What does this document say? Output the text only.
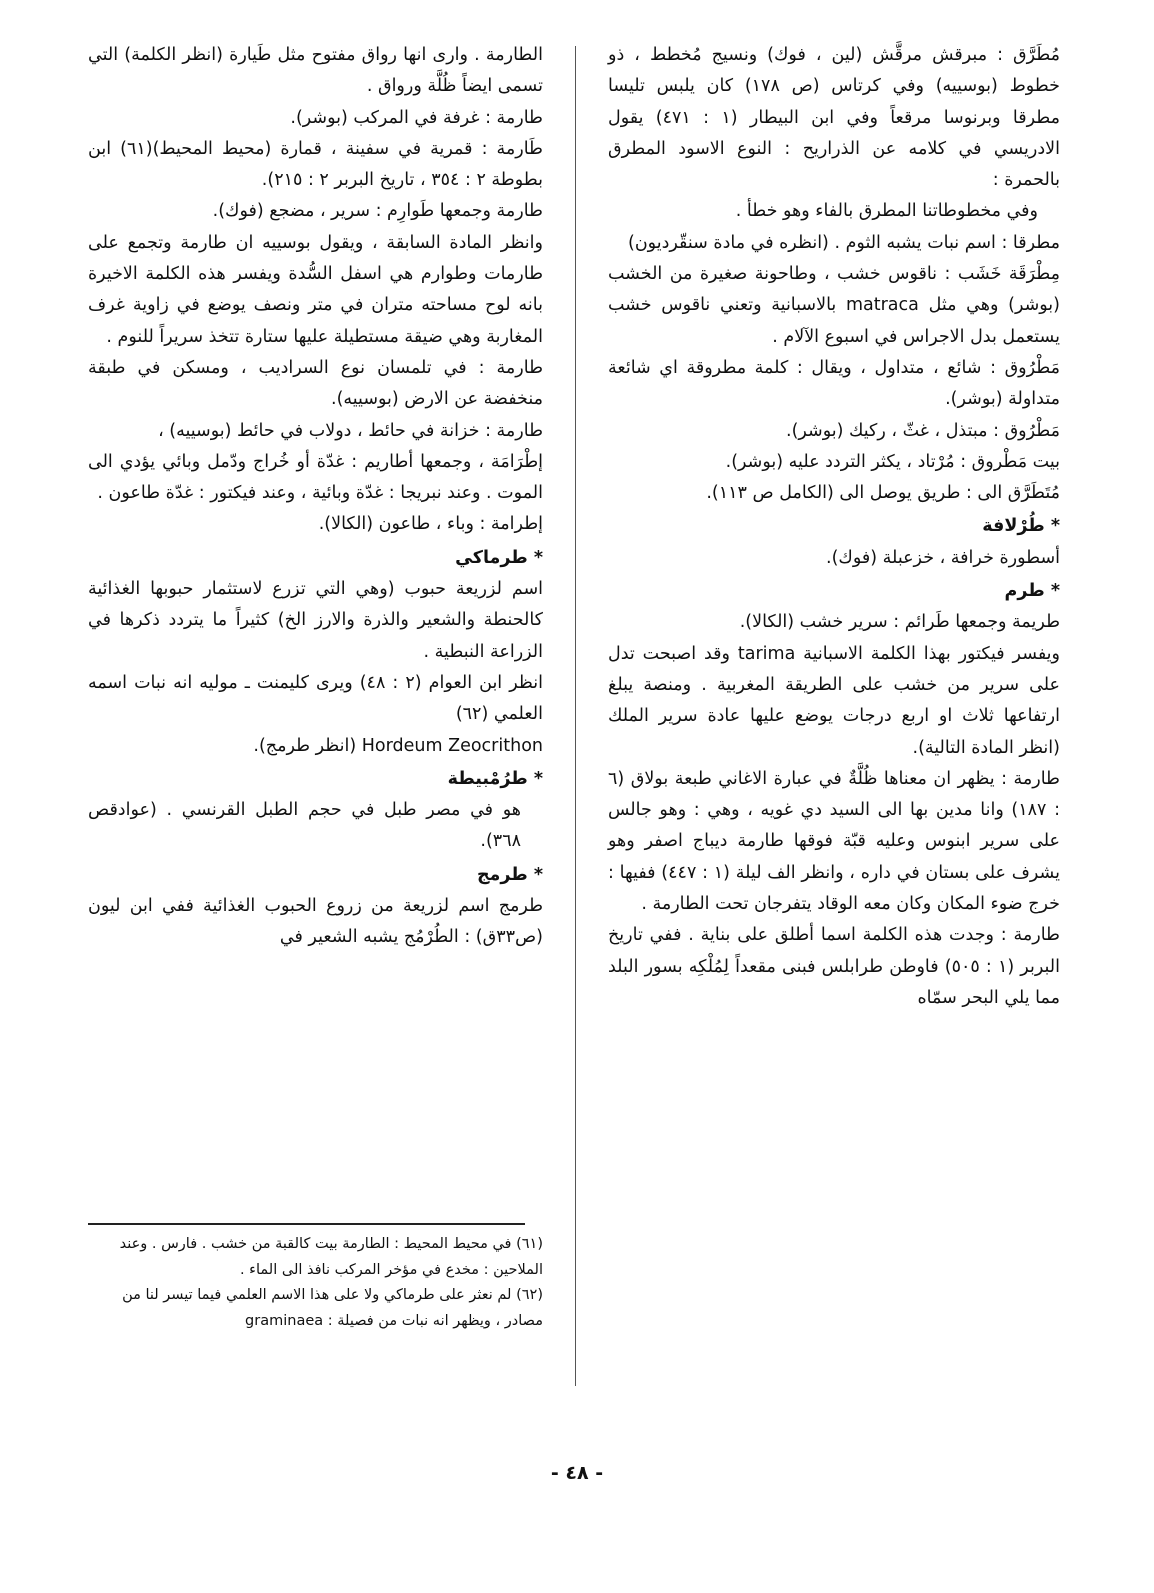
مُطَرَّق : مبرقش مرقَّش (لين ، فوك) ونسيج مُخطط ، ذو خطوط (بوسييه) وفي كرتاس (ص ١٧٨) كان يلبس تليسا مطرقا وبرنوسا مرقعاً وفي ابن البيطار (١ : ٤٧١) يقول الادريسي في كلامه عن الذراريح : النوع الاسود المطرق بالحمرة :

وفي مخطوطاتنا المطرق بالفاء وهو خطأ .

مطرقا : اسم نبات يشبه الثوم . (انظره في مادة سنقّرديون)

مِطْرَقَة خَشَب : ناقوس خشب ، وطاحونة صغيرة من الخشب (بوشر) وهي مثل matraca بالاسبانية وتعني ناقوس خشب يستعمل بدل الاجراس في اسبوع الآلام .

مَطْرُوق : شائع ، متداول ، ويقال : كلمة مطروقة اي شائعة متداولة (بوشر).

مَطْرُوق : مبتذل ، غثّ ، ركيك (بوشر).

بيت مَطْروق : مُرْتاد ، يكثر التردد عليه (بوشر).

مُتَطَرَّق الى : طريق يوصل الى (الكامل ص ١١٣).

* طُرْلافة

أسطورة خرافة ، خزعبلة (فوك).

* طرم

طريمة وجمعها طَرائم : سرير خشب (الكالا).

ويفسر فيكتور بهذا الكلمة الاسبانية tarima وقد اصبحت تدل على سرير من خشب على الطريقة المغربية . ومنصة يبلغ ارتفاعها ثلاث او اربع درجات يوضع عليها عادة سرير الملك (انظر المادة التالية).

طارمة : يظهر ان معناها ظُلَّةٌ في عبارة الاغاني طبعة بولاق (٦ : ١٨٧) وانا مدين بها الى السيد دي غويه ، وهي : وهو جالس على سرير ابنوس وعليه قبّة فوقها طارمة ديباج اصفر وهو يشرف على بستان في داره ، وانظر الف ليلة (١ : ٤٤٧) ففيها : خرج ضوء المكان وكان معه الوقاد يتفرجان تحت الطارمة .

طارمة : وجدت هذه الكلمة اسما أطلق على بناية . ففي تاريخ البربر (١ : ٥٠٥) فاوطن طرابلس فبنى مقعداً لِمُلْكِه بسور البلد مما يلي البحر سمّاه

الطارمة . وارى انها رواق مفتوح مثل طَيارة (انظر الكلمة) التي تسمى ايضاً ظُلَّة ورواق .

طارمة : غرفة في المركب (بوشر).

طَارمة : قمرية في سفينة ، قمارة (محيط المحيط)(٦١) ابن بطوطة ٢ : ٣٥٤ ، تاريخ البربر ٢ : ٢١٥).

طارمة وجمعها طَوارِم : سرير ، مضجع (فوك).

وانظر المادة السابقة ، ويقول بوسييه ان طارمة وتجمع على طارمات وطوارم هي اسفل السُّدة ويفسر هذه الكلمة الاخيرة بانه لوح مساحته متران في متر ونصف يوضع في زاوية غرف المغاربة وهي ضيقة مستطيلة عليها ستارة تتخذ سريراً للنوم .

طارمة : في تلمسان نوع السراديب ، ومسكن في طبقة منخفضة عن الارض (بوسييه).

طارمة : خزانة في حائط ، دولاب في حائط (بوسييه) ،

إطْرَامَة ، وجمعها أطاريم : غدّة أو خُراج ودّمل وبائي يؤدي الى الموت . وعند نبريجا : غدّة وبائية ، وعند فيكتور : غدّة طاعون .

إطرامة : وباء ، طاعون (الكالا).

* طرماكي

اسم لزريعة حبوب (وهي التي تزرع لاستثمار حبوبها الغذائية كالحنطة والشعير والذرة والارز الخ) كثيراً ما يتردد ذكرها في الزراعة النبطية .

انظر ابن العوام (٢ : ٤٨) ويرى كليمنت ـ موليه انه نبات اسمه العلمي (٦٢)

Hordeum Zeocrithon (انظر طرمج).

* طرُمْبيطة

هو في مصر طبل في حجم الطبل القرنسي . (عوادقص ٣٦٨).

* طرمج

طرمج اسم لزريعة من زروع الحبوب الغذائية ففي ابن ليون (ص٣٣ق) : الطُرْمُج يشبه الشعير في

(٦١) في محيط المحيط : الطارمة بيت كالقبة من خشب . فارس . وعند الملاحين : مخدع في مؤخر المركب نافذ الى الماء .

(٦٢) لم نعثر على طرماكي ولا على هذا الاسم العلمي فيما تيسر لنا من مصادر ، ويظهر انه نبات من فصيلة : graminaea

- ٤٨ -
